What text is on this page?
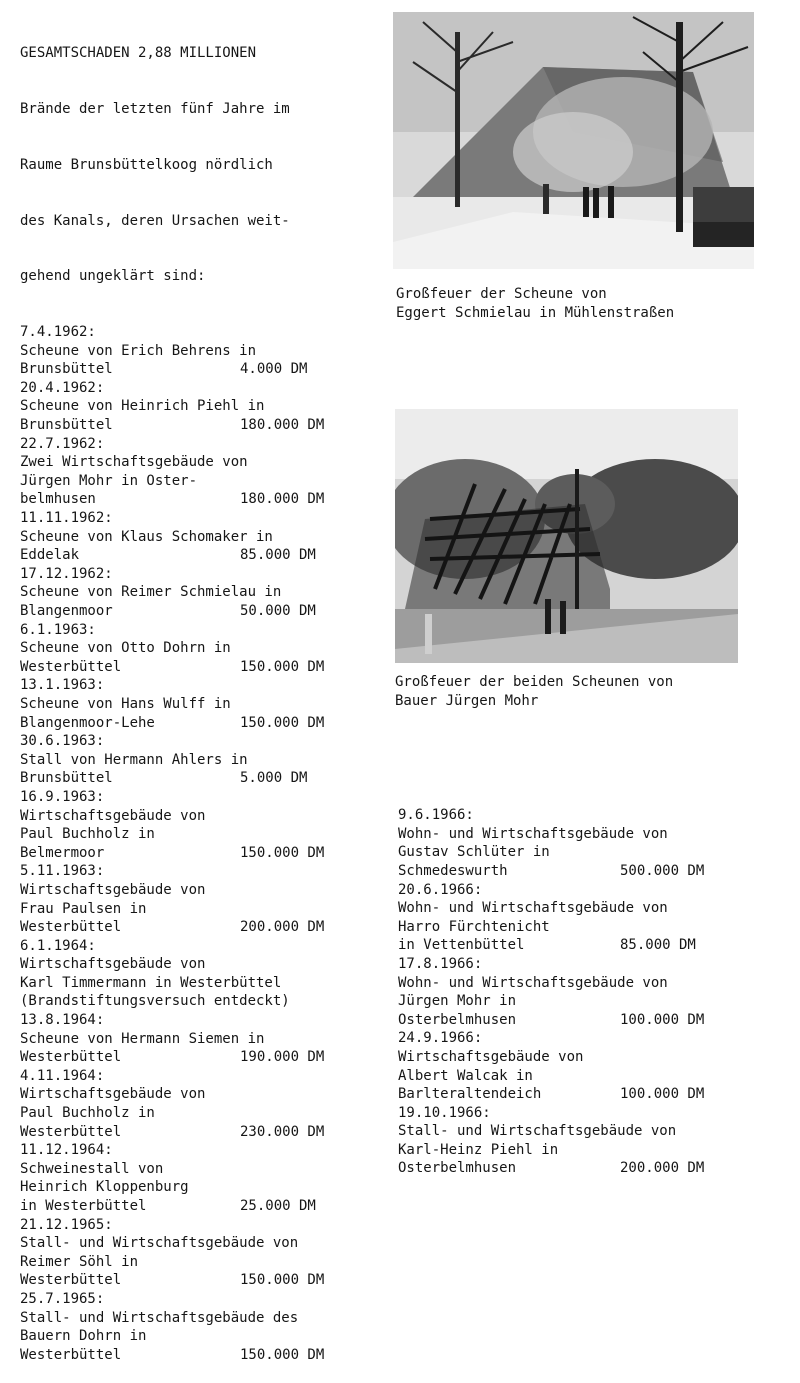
GESAMTSCHADEN 2,88 MILLIONEN

Brände der letzten fünf Jahre im

Raume Brunsbüttelkoog nördlich

des Kanals, deren Ursachen weit-

gehend ungeklärt sind:

7.4.1962:
Scheune von Erich Behrens in
Brunsbüttel	4.000 DM
20.4.1962:
Scheune von Heinrich Piehl in
Brunsbüttel	180.000 DM
22.7.1962:
Zwei Wirtschaftsgebäude von
Jürgen Mohr in Oster-
belmhusen	180.000 DM
11.11.1962:
Scheune von Klaus Schomaker in
Eddelak	85.000 DM
17.12.1962:
Scheune von Reimer Schmielau in
Blangenmoor	50.000 DM
6.1.1963:
Scheune von Otto Dohrn in
Westerbüttel	150.000 DM
13.1.1963:
Scheune von Hans Wulff in
Blangenmoor-Lehe	150.000 DM
30.6.1963:
Stall von Hermann Ahlers in
Brunsbüttel	5.000 DM
16.9.1963:
Wirtschaftsgebäude von
Paul Buchholz in
Belmermoor	150.000 DM
5.11.1963:
Wirtschaftsgebäude von
Frau Paulsen in
Westerbüttel	200.000 DM
6.1.1964:
Wirtschaftsgebäude von
Karl Timmermann in Westerbüttel
(Brandstiftungsversuch entdeckt)
13.8.1964:
Scheune von Hermann Siemen in
Westerbüttel	190.000 DM
4.11.1964:
Wirtschaftsgebäude von
Paul Buchholz in
Westerbüttel	230.000 DM
11.12.1964:
Schweinestall von
Heinrich Kloppenburg
in Westerbüttel	25.000 DM
21.12.1965:
Stall- und Wirtschaftsgebäude von
Reimer Söhl in
Westerbüttel	150.000 DM
25.7.1965:
Stall- und Wirtschaftsgebäude des
Bauern Dohrn in
Westerbüttel	150.000 DM

Großfeuer der Scheune von
Eggert Schmielau in Mühlenstraßen
Großfeuer der beiden Scheunen von
Bauer Jürgen Mohr

9.6.1966:
Wohn- und Wirtschaftsgebäude von
Gustav Schlüter in
Schmedeswurth	500.000 DM
20.6.1966:
Wohn- und Wirtschaftsgebäude von
Harro Fürchtenicht
in Vettenbüttel	85.000 DM
17.8.1966:
Wohn- und Wirtschaftsgebäude von
Jürgen Mohr in
Osterbelmhusen	100.000 DM
24.9.1966:
Wirtschaftsgebäude von
Albert Walcak in
Barlteraltendeich	100.000 DM
19.10.1966:
Stall- und Wirtschaftsgebäude von
Karl-Heinz Piehl in
Osterbelmhusen	200.000 DM
